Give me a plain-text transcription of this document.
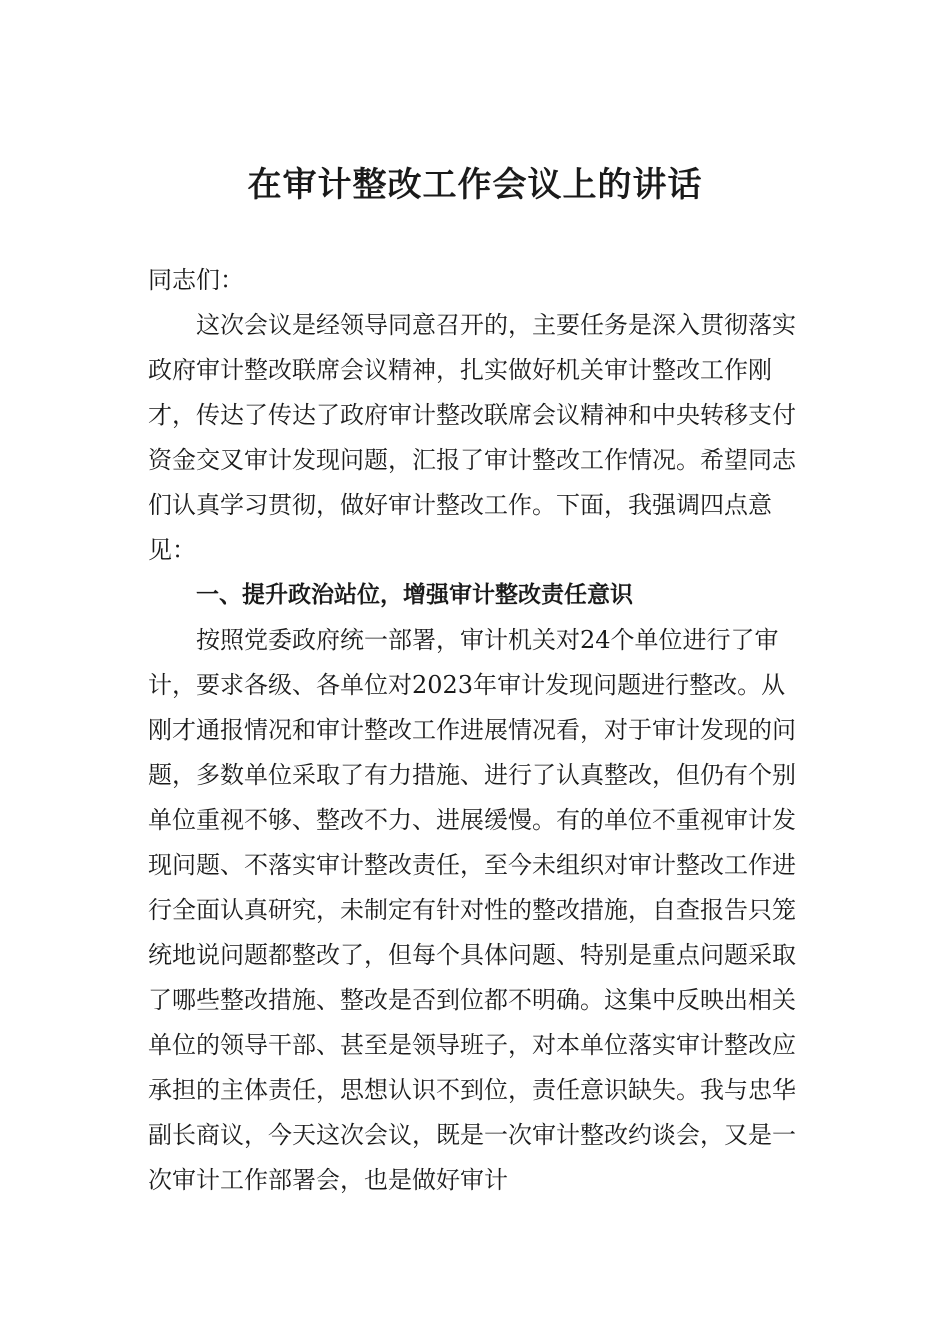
在审计整改工作会议上的讲话

同志们：

这次会议是经领导同意召开的，主要任务是深入贯彻落实政府审计整改联席会议精神，扎实做好机关审计整改工作刚才，传达了传达了政府审计整改联席会议精神和中央转移支付资金交叉审计发现问题，汇报了审计整改工作情况。希望同志们认真学习贯彻，做好审计整改工作。下面，我强调四点意见：

一、提升政治站位，增强审计整改责任意识

按照党委政府统一部署，审计机关对24个单位进行了审计，要求各级、各单位对2023年审计发现问题进行整改。从刚才通报情况和审计整改工作进展情况看，对于审计发现的问题，多数单位采取了有力措施、进行了认真整改，但仍有个别单位重视不够、整改不力、进展缓慢。有的单位不重视审计发现问题、不落实审计整改责任，至今未组织对审计整改工作进行全面认真研究，未制定有针对性的整改措施，自查报告只笼统地说问题都整改了，但每个具体问题、特别是重点问题采取了哪些整改措施、整改是否到位都不明确。这集中反映出相关单位的领导干部、甚至是领导班子，对本单位落实审计整改应承担的主体责任，思想认识不到位，责任意识缺失。我与忠华副长商议，今天这次会议，既是一次审计整改约谈会，又是一次审计工作部署会，也是做好审计
